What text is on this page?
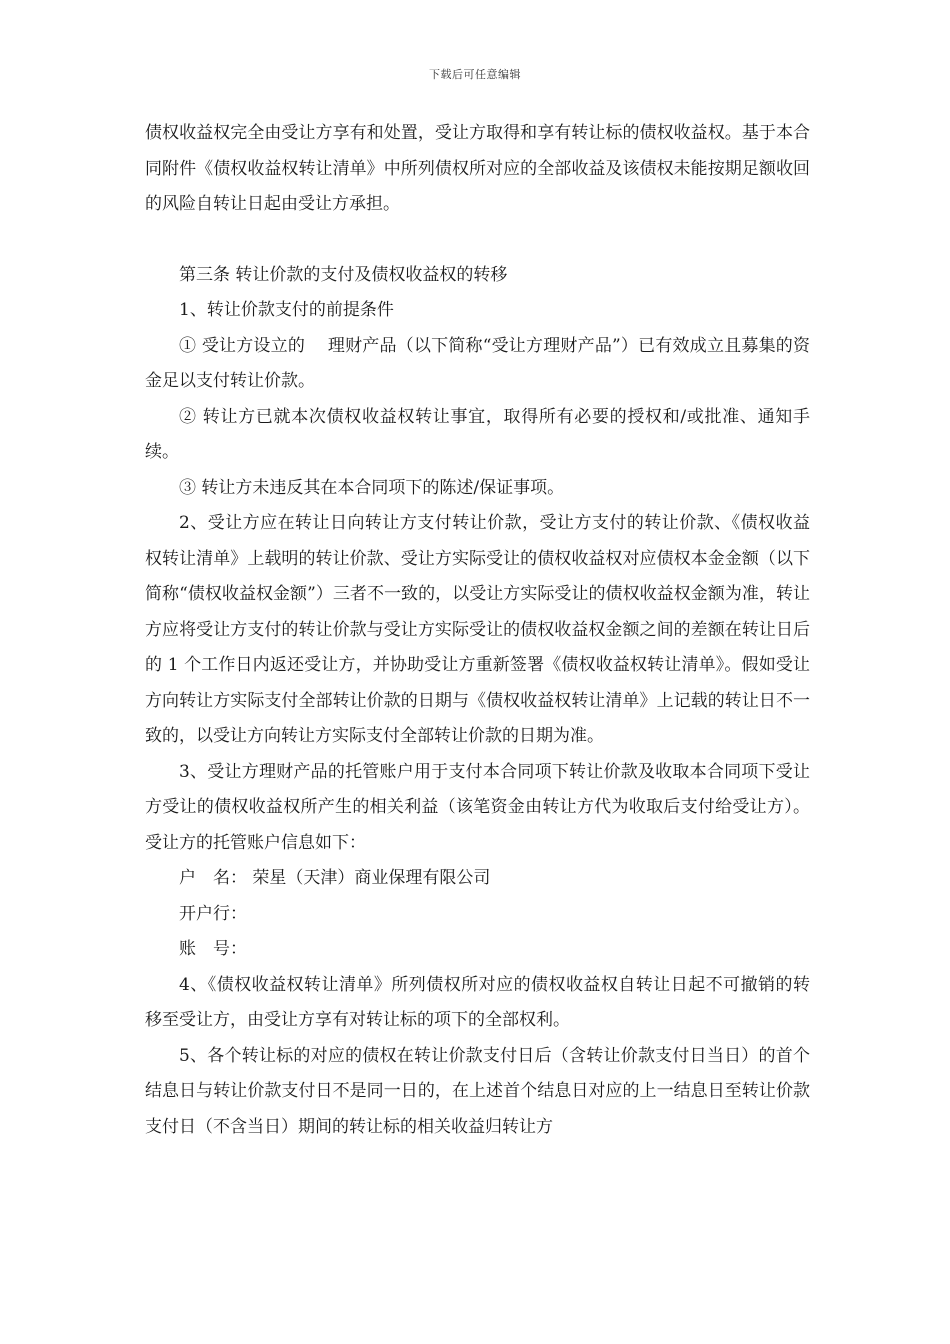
下载后可任意编辑

债权收益权完全由受让方享有和处置，受让方取得和享有转让标的债权收益权。基于本合同附件《债权收益权转让清单》中所列债权所对应的全部收益及该债权未能按期足额收回的风险自转让日起由受让方承担。

第三条 转让价款的支付及债权收益权的转移

1、转让价款支付的前提条件

① 受让方设立的　 理财产品（以下简称“受让方理财产品”）已有效成立且募集的资金足以支付转让价款。

② 转让方已就本次债权收益权转让事宜，取得所有必要的授权和/或批准、通知手续。

③ 转让方未违反其在本合同项下的陈述/保证事项。

2、受让方应在转让日向转让方支付转让价款，受让方支付的转让价款、《债权收益权转让清单》上载明的转让价款、受让方实际受让的债权收益权对应债权本金金额（以下简称“债权收益权金额”）三者不一致的，以受让方实际受让的债权收益权金额为准，转让方应将受让方支付的转让价款与受让方实际受让的债权收益权金额之间的差额在转让日后的 1 个工作日内返还受让方，并协助受让方重新签署《债权收益权转让清单》。假如受让方向转让方实际支付全部转让价款的日期与《债权收益权转让清单》上记载的转让日不一致的，以受让方向转让方实际支付全部转让价款的日期为准。

3、受让方理财产品的托管账户用于支付本合同项下转让价款及收取本合同项下受让方受让的债权收益权所产生的相关利益（该笔资金由转让方代为收取后支付给受让方）。受让方的托管账户信息如下：

户　名： 荣星（天津）商业保理有限公司

开户行：

账　号：

4、《债权收益权转让清单》所列债权所对应的债权收益权自转让日起不可撤销的转移至受让方，由受让方享有对转让标的项下的全部权利。

5、各个转让标的对应的债权在转让价款支付日后（含转让价款支付日当日）的首个结息日与转让价款支付日不是同一日的，在上述首个结息日对应的上一结息日至转让价款支付日（不含当日）期间的转让标的相关收益归转让方
